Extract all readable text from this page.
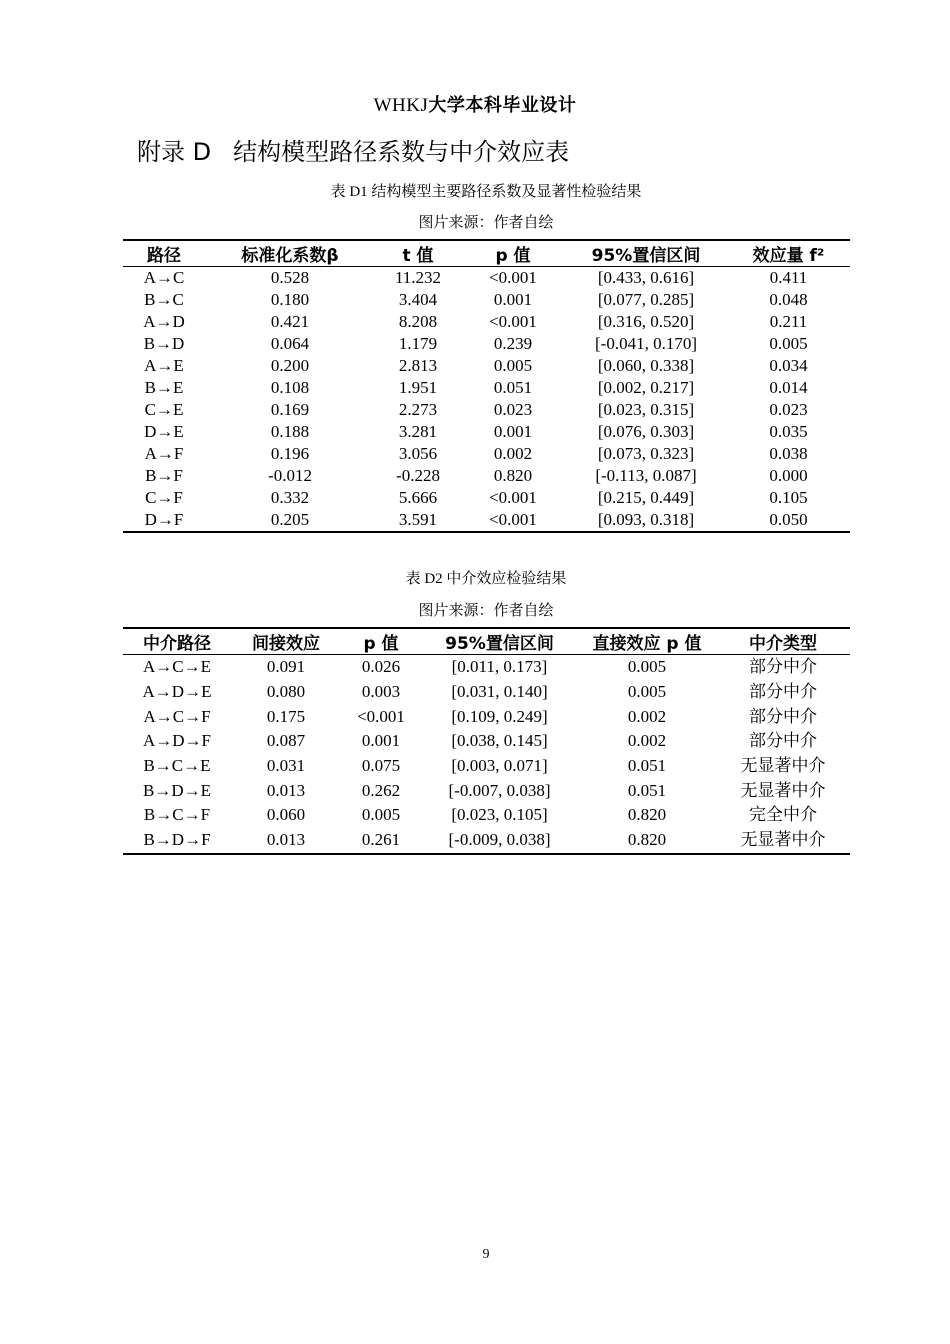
WHKJ大学本科毕业设计
附录 D 结构模型路径系数与中介效应表
表 D1 结构模型主要路径系数及显著性检验结果
图片来源：作者自绘
路径	标准化系数β	t 值	p 值	95%置信区间	效应量 f²
A→C	0.528	11.232	<0.001	[0.433, 0.616]	0.411
B→C	0.180	3.404	0.001	[0.077, 0.285]	0.048
A→D	0.421	8.208	<0.001	[0.316, 0.520]	0.211
B→D	0.064	1.179	0.239	[-0.041, 0.170]	0.005
A→E	0.200	2.813	0.005	[0.060, 0.338]	0.034
B→E	0.108	1.951	0.051	[0.002, 0.217]	0.014
C→E	0.169	2.273	0.023	[0.023, 0.315]	0.023
D→E	0.188	3.281	0.001	[0.076, 0.303]	0.035
A→F	0.196	3.056	0.002	[0.073, 0.323]	0.038
B→F	-0.012	-0.228	0.820	[-0.113, 0.087]	0.000
C→F	0.332	5.666	<0.001	[0.215, 0.449]	0.105
D→F	0.205	3.591	<0.001	[0.093, 0.318]	0.050
表 D2 中介效应检验结果
图片来源：作者自绘
中介路径	间接效应	p 值	95%置信区间	直接效应 p 值	中介类型
A→C→E	0.091	0.026	[0.011, 0.173]	0.005	部分中介
A→D→E	0.080	0.003	[0.031, 0.140]	0.005	部分中介
A→C→F	0.175	<0.001	[0.109, 0.249]	0.002	部分中介
A→D→F	0.087	0.001	[0.038, 0.145]	0.002	部分中介
B→C→E	0.031	0.075	[0.003, 0.071]	0.051	无显著中介
B→D→E	0.013	0.262	[-0.007, 0.038]	0.051	无显著中介
B→C→F	0.060	0.005	[0.023, 0.105]	0.820	完全中介
B→D→F	0.013	0.261	[-0.009, 0.038]	0.820	无显著中介
9
